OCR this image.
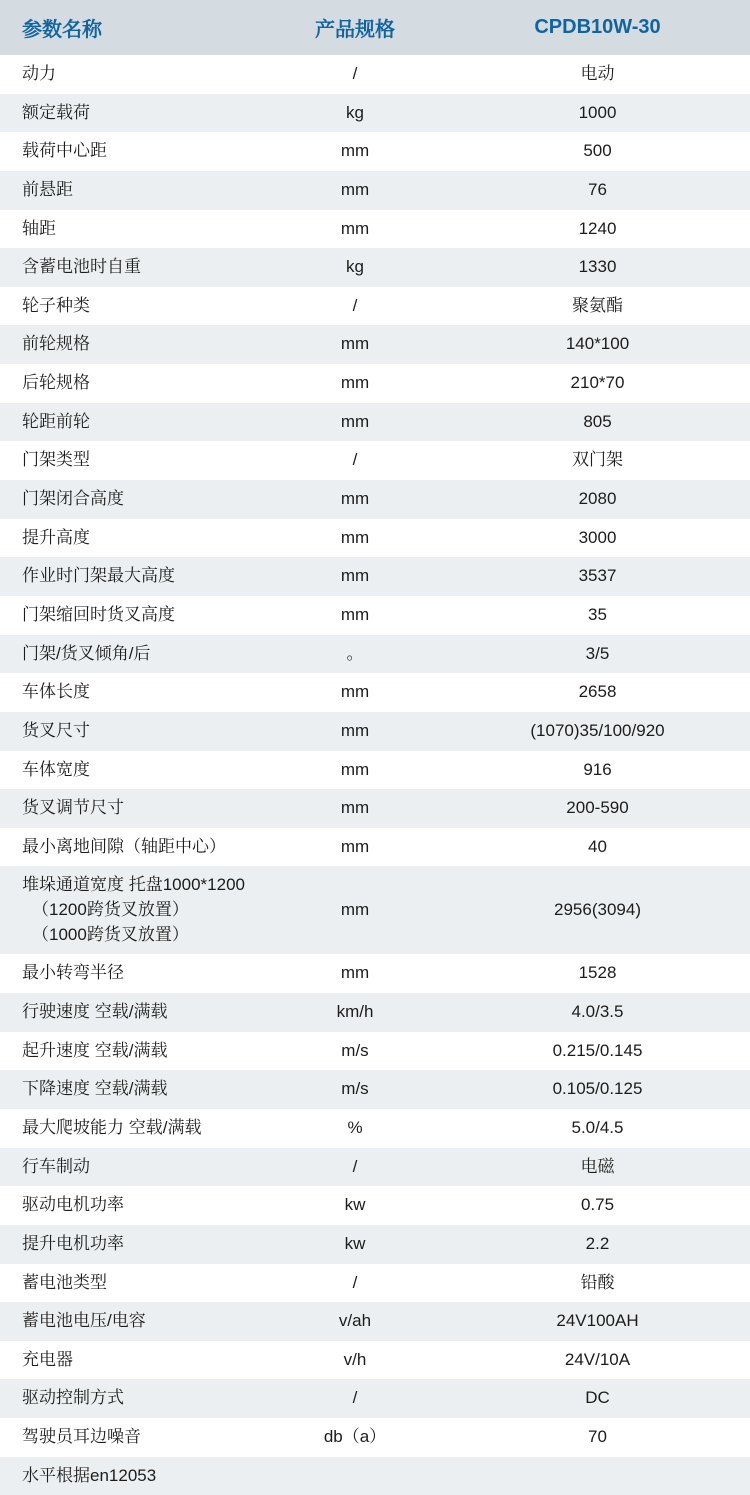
参数名称	产品规格	CPDB10W-30
动力	/	电动
额定载荷	kg	1000
载荷中心距	mm	500
前悬距	mm	76
轴距	mm	1240
含蓄电池时自重	kg	1330
轮子种类	/	聚氨酯
前轮规格	mm	140*100
后轮规格	mm	210*70
轮距前轮	mm	805
门架类型	/	双门架
门架闭合高度	mm	2080
提升高度	mm	3000
作业时门架最大高度	mm	3537
门架缩回时货叉高度	mm	35
门架/货叉倾角/后	。	3/5
车体长度	mm	2658
货叉尺寸	mm	(1070)35/100/920
车体宽度	mm	916
货叉调节尺寸	mm	200-590
最小离地间隙（轴距中心）	mm	40

堆垛通道宽度 托盘1000*1200
（1200跨货叉放置）
（1000跨货叉放置）	mm	2956(3094)
最小转弯半径	mm	1528
行驶速度 空载/满载	km/h	4.0/3.5
起升速度 空载/满载	m/s	0.215/0.145
下降速度 空载/满载	m/s	0.105/0.125
最大爬坡能力 空载/满载	%	5.0/4.5
行车制动	/	电磁
驱动电机功率	kw	0.75
提升电机功率	kw	2.2
蓄电池类型	/	铅酸
蓄电池电压/电容	v/ah	24V100AH
充电器	v/h	24V/10A
驱动控制方式	/	DC
驾驶员耳边噪音	db（a）	70
水平根据en12053		
